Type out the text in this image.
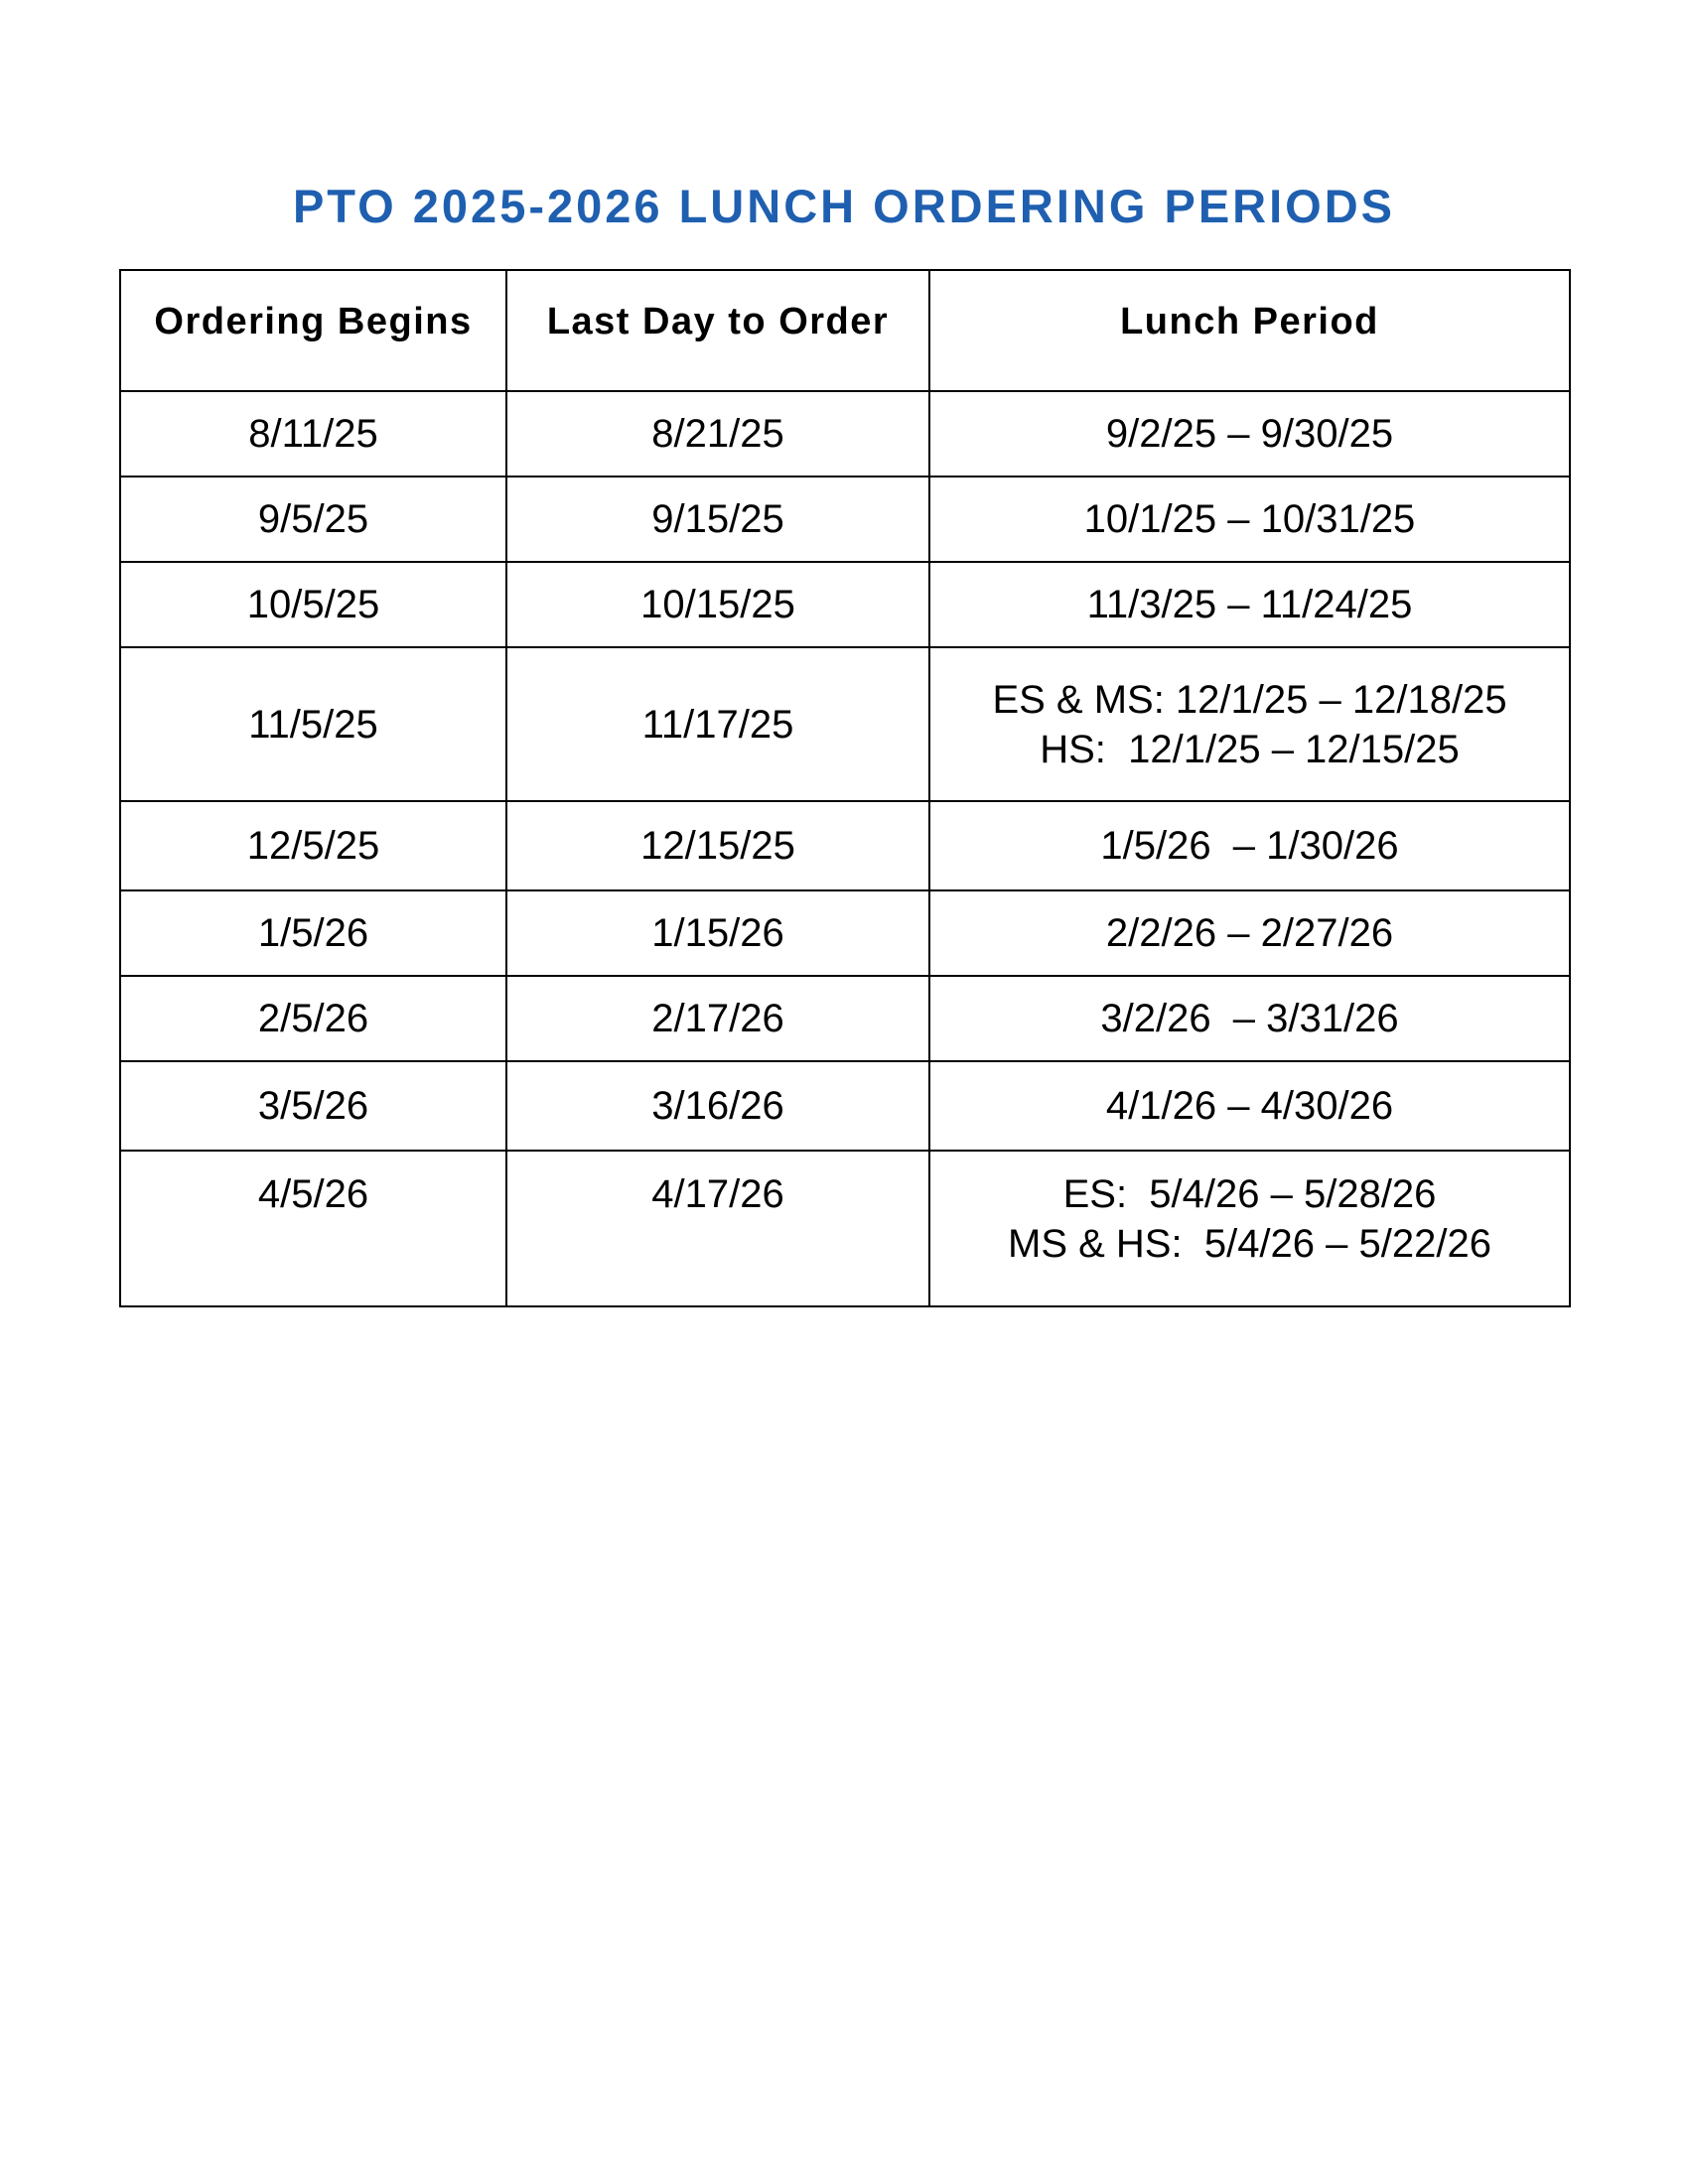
PTO 2025-2026 LUNCH ORDERING PERIODS
Ordering Begins	Last Day to Order	Lunch Period
8/11/25	8/21/25	9/2/25 – 9/30/25

9/5/25	9/15/25	10/1/25 – 10/31/25

10/5/25	10/15/25	11/3/25 – 11/24/25

11/5/25	11/17/25	ES & MS: 12/1/25 – 12/18/25
HS:  12/1/25 – 12/15/25

12/5/25	12/15/25	1/5/26  – 1/30/26

1/5/26	1/15/26	2/2/26 – 2/27/26

2/5/26	2/17/26	3/2/26  – 3/31/26

3/5/26	3/16/26	4/1/26 – 4/30/26

4/5/26	4/17/26	ES:  5/4/26 – 5/28/26
MS & HS:  5/4/26 – 5/22/26
